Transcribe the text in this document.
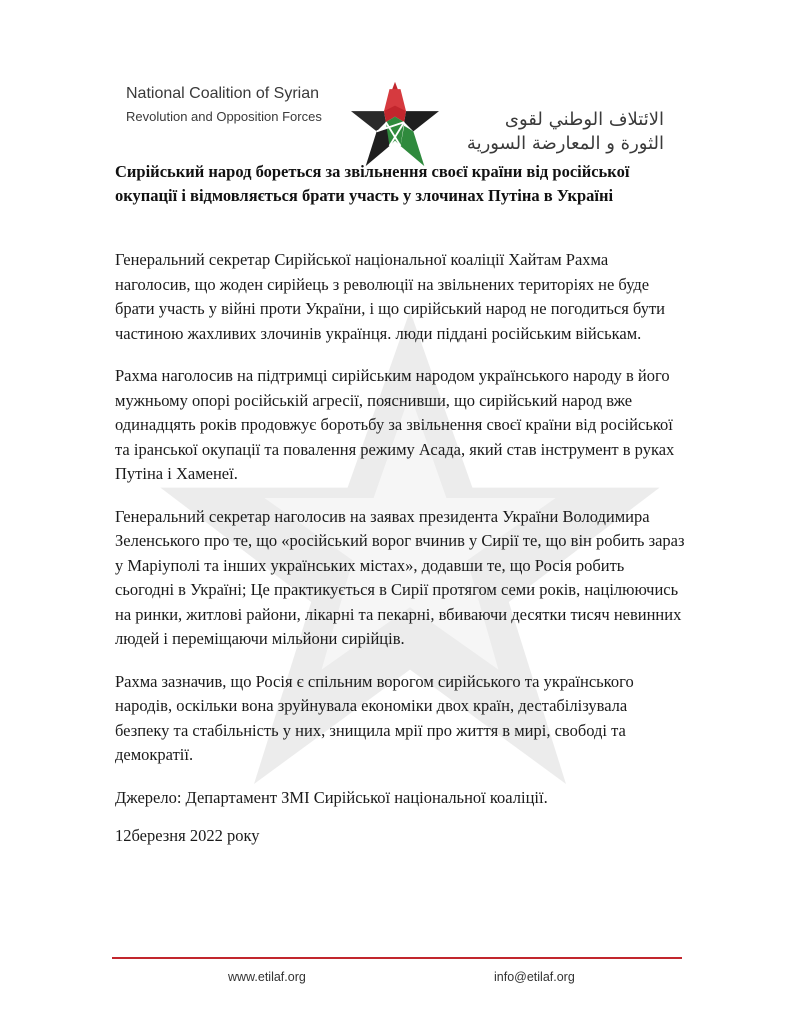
National Coalition of Syrian
Revolution and Opposition Forces	الائتلاف الوطني لقوى
الثورة و المعارضة السورية
Сирійський народ бореться за звільнення своєї країни від російської окупації і відмовляється брати участь у злочинах Путіна в Україні

Генеральний секретар Сирійської національної коаліції Хайтам Рахма наголосив, що жоден сирійець з революції на звільнених територіях не буде брати участь у війні проти України, і що сирійський народ не погодиться бути частиною жахливих злочинів українця. люди піддані російським військам.

Рахма наголосив на підтримці сирійським народом українського народу в його мужньому опорі російській агресії, пояснивши, що сирійський народ вже одинадцять років продовжує боротьбу за звільнення своєї країни від російської та іранської окупації та повалення режиму Асада, який став інструмент в руках Путіна і Хаменеї.

Генеральний секретар наголосив на заявах президента України Володимира Зеленського про те, що «російський ворог вчинив у Сирії те, що він робить зараз у Маріуполі та інших українських містах», додавши те, що Росія робить сьогодні в Україні; Це практикується в Сирії протягом семи років, націлюючись на ринки, житлові райони, лікарні та пекарні, вбиваючи десятки тисяч невинних людей і переміщаючи мільйони сирійців.

Рахма зазначив, що Росія є спільним ворогом сирійського та українського народів, оскільки вона зруйнувала економіки двох країн, дестабілізувала безпеку та стабільність у них, знищила мрії про життя в мирі, свободі та демократії.

Джерело: Департамент ЗМІ Сирійської національної коаліції.

12березня 2022 року

www.etilaf.org	info@etilaf.org
